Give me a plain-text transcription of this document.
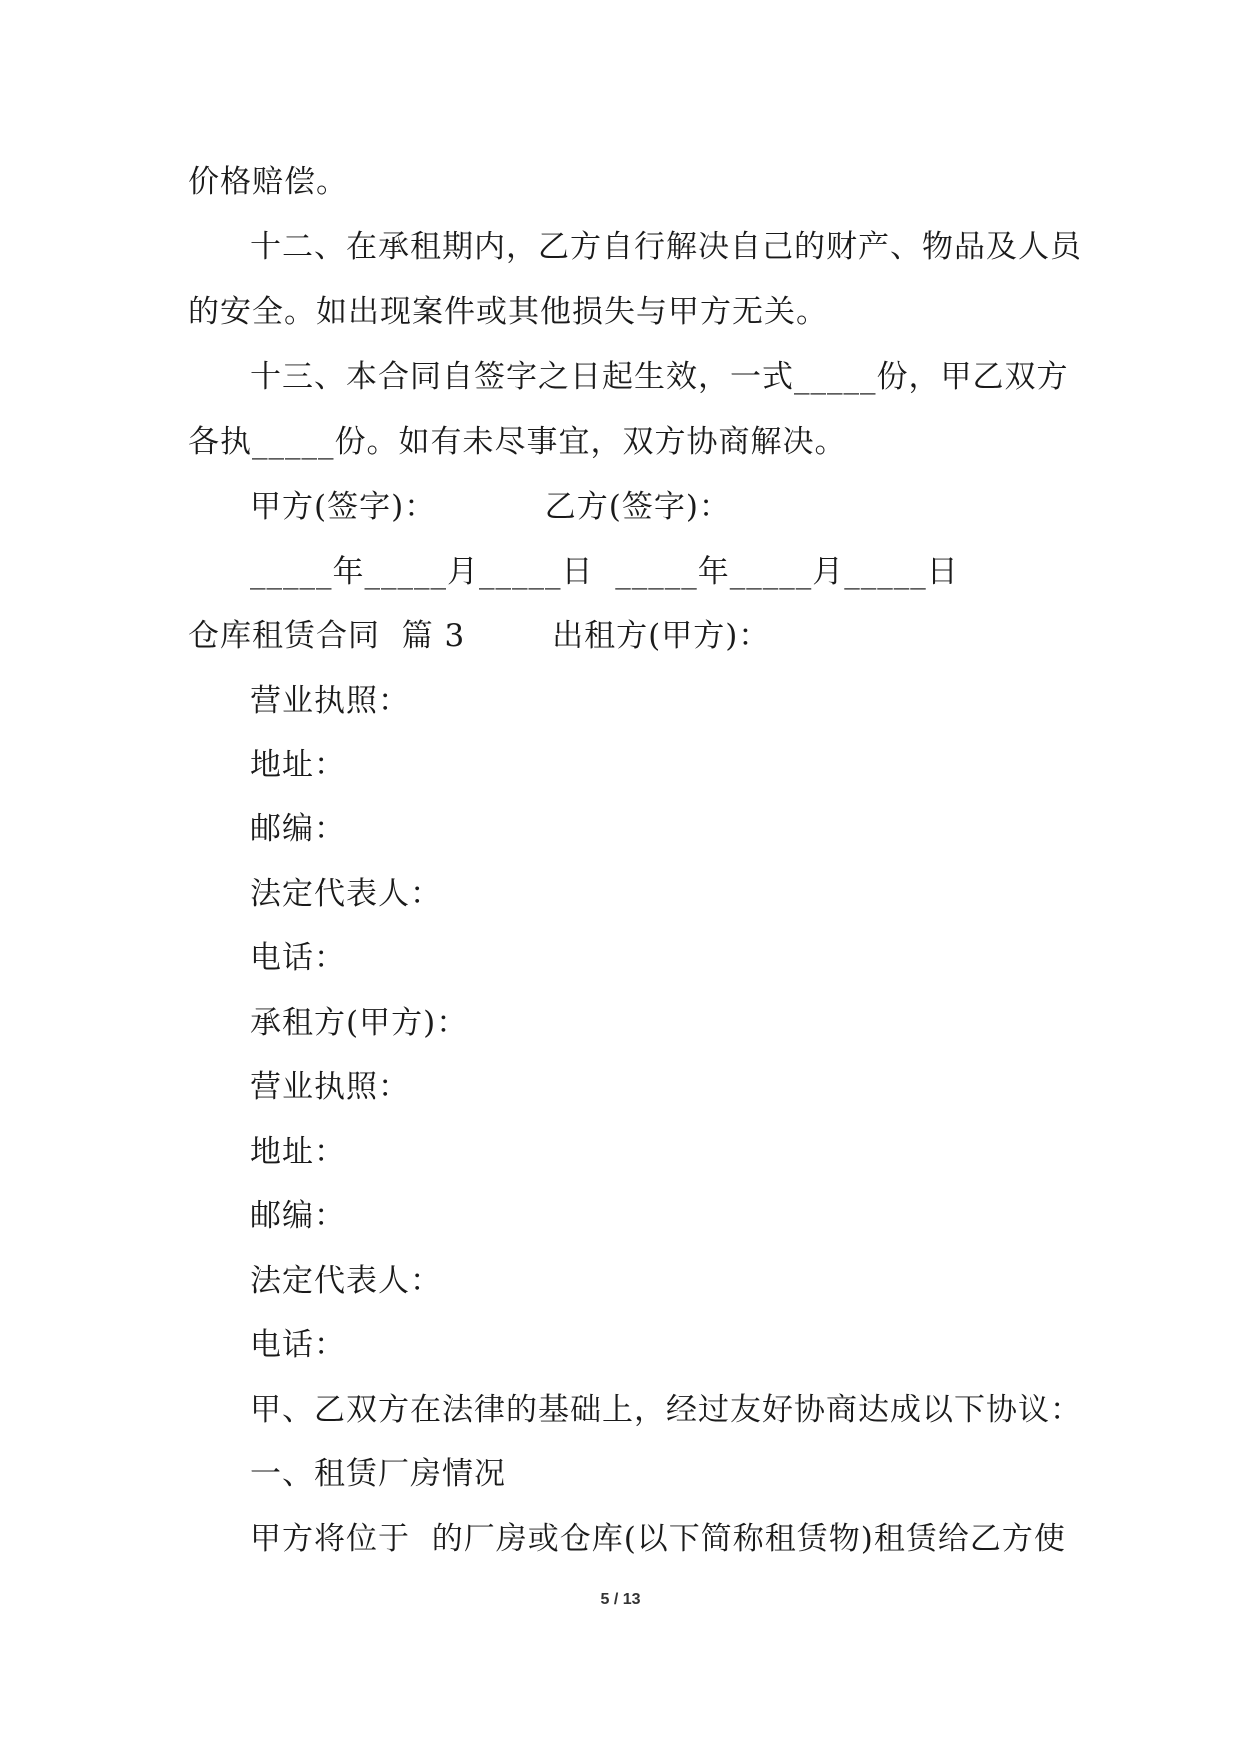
价格赔偿。
十二、在承租期内，乙方自行解决自己的财产、物品及人员
的安全。如出现案件或其他损失与甲方无关。
十三、本合同自签字之日起生效，一式_____份，甲乙双方
各执_____份。如有未尽事宜，双方协商解决。
甲方(签字)：          乙方(签字)：
_____年_____月_____日  _____年_____月_____日
仓库租赁合同  篇 3        出租方(甲方)：
营业执照：
地址：
邮编：
法定代表人：
电话：
承租方(甲方)：
营业执照：
地址：
邮编：
法定代表人：
电话：
甲、乙双方在法律的基础上，经过友好协商达成以下协议：
一、租赁厂房情况
甲方将位于  的厂房或仓库(以下简称租赁物)租赁给乙方使
5 / 13
